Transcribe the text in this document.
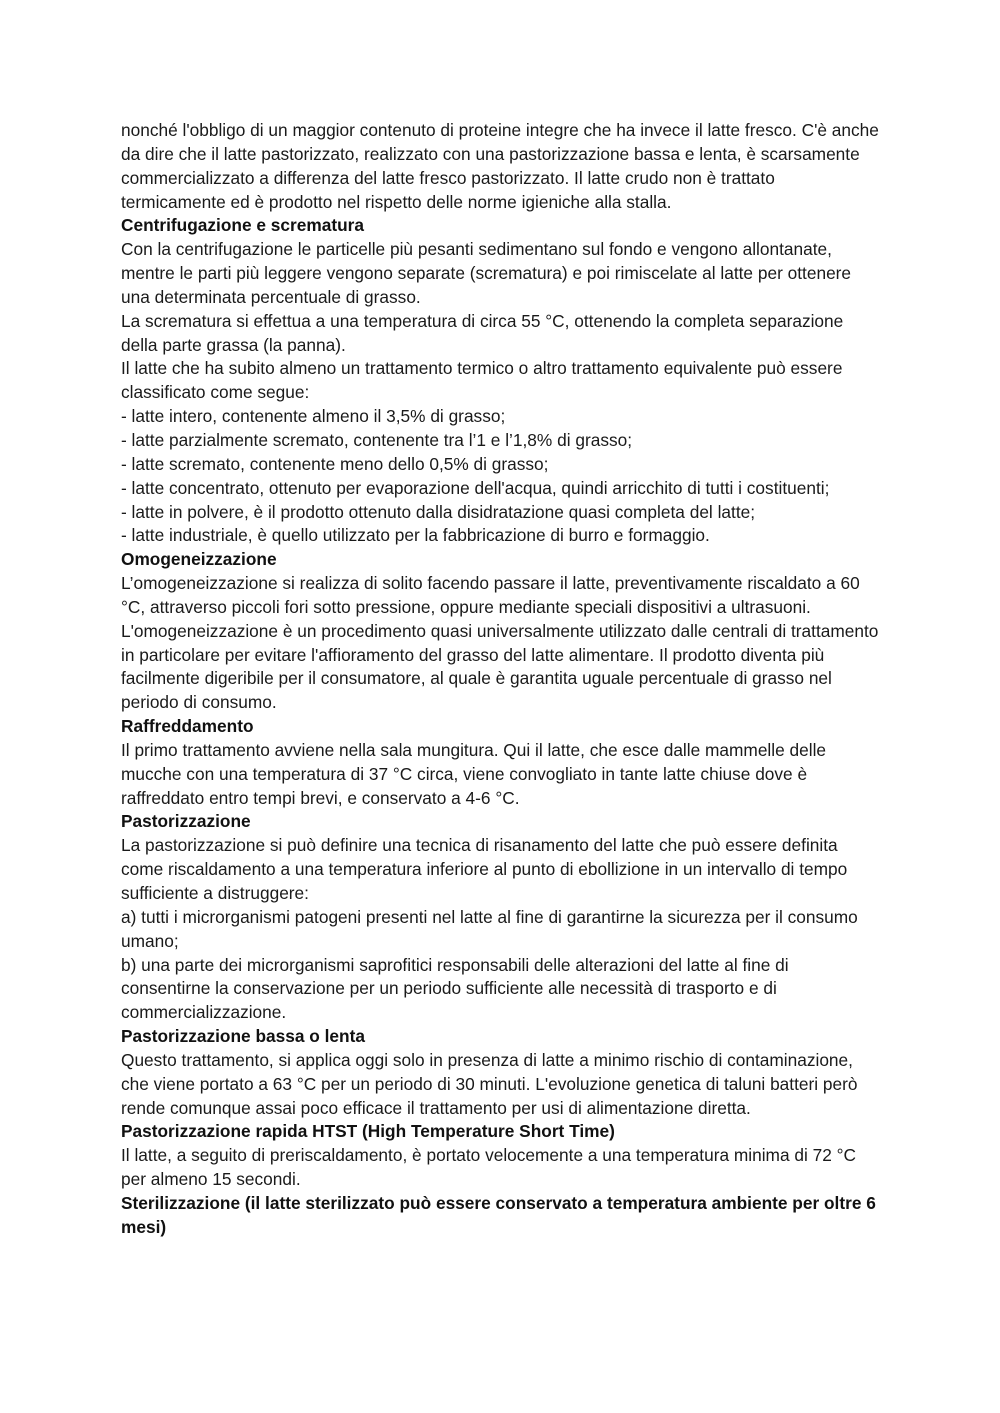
nonché l'obbligo di un maggior contenuto di proteine integre che ha invece il latte fresco. C'è anche da dire che il latte pastorizzato, realizzato con una pastorizzazione bassa e lenta, è scarsamente commercializzato a differenza del latte fresco pastorizzato. Il latte crudo non è trattato termicamente ed è prodotto nel rispetto delle norme igieniche alla stalla.

Centrifugazione e scrematura

Con la centrifugazione le particelle più pesanti sedimentano sul fondo e vengono allontanate, mentre le parti più leggere vengono separate (scrematura) e poi rimiscelate al latte per ottenere una determinata percentuale di grasso.

La scrematura si effettua a una temperatura di circa 55 °C, ottenendo la completa separazione della parte grassa (la panna).

Il latte che ha subito almeno un trattamento termico o altro trattamento equivalente può essere classificato come segue:

- latte intero, contenente almeno il 3,5% di grasso;

- latte parzialmente scremato, contenente tra l’1 e l’1,8% di grasso;

- latte scremato, contenente meno dello 0,5% di grasso;

- latte concentrato, ottenuto per evaporazione dell'acqua, quindi arricchito di tutti i costituenti;

- latte in polvere, è il prodotto ottenuto dalla disidratazione quasi completa del latte;

- latte industriale, è quello utilizzato per la fabbricazione di burro e formaggio.

Omogeneizzazione

L’omogeneizzazione si realizza di solito facendo passare il latte, preventivamente riscaldato a 60 °C, attraverso piccoli fori sotto pressione, oppure mediante speciali dispositivi a ultrasuoni. L'omogeneizzazione è un procedimento quasi universalmente utilizzato dalle centrali di trattamento in particolare per evitare l'affioramento del grasso del latte alimentare. Il prodotto diventa più facilmente digeribile per il consumatore, al quale è garantita uguale percentuale di grasso nel periodo di consumo.

Raffreddamento

Il primo trattamento avviene nella sala mungitura. Qui il latte, che esce dalle mammelle delle mucche con una temperatura di 37 °C circa, viene convogliato in tante latte chiuse dove è raffreddato entro tempi brevi, e conservato a 4-6 °C.

Pastorizzazione

La pastorizzazione si può definire una tecnica di risanamento del latte che può essere definita come riscaldamento a una temperatura inferiore al punto di ebollizione in un intervallo di tempo sufficiente a distruggere:

a) tutti i microrganismi patogeni presenti nel latte al fine di garantirne la sicurezza per il consumo umano;

b) una parte dei microrganismi saprofitici responsabili delle alterazioni del latte al fine di consentirne la conservazione per un periodo sufficiente alle necessità di trasporto e di commercializzazione.

Pastorizzazione bassa o lenta

Questo trattamento, si applica oggi solo in presenza di latte a minimo rischio di contaminazione, che viene portato a 63 °C per un periodo di 30 minuti. L'evoluzione genetica di taluni batteri però rende comunque assai poco efficace il trattamento per usi di alimentazione diretta.

Pastorizzazione rapida HTST (High Temperature Short Time)

Il latte, a seguito di preriscaldamento, è portato velocemente a una temperatura minima di 72 °C per almeno 15 secondi.

Sterilizzazione (il latte sterilizzato può essere conservato a temperatura ambiente per oltre 6 mesi)
